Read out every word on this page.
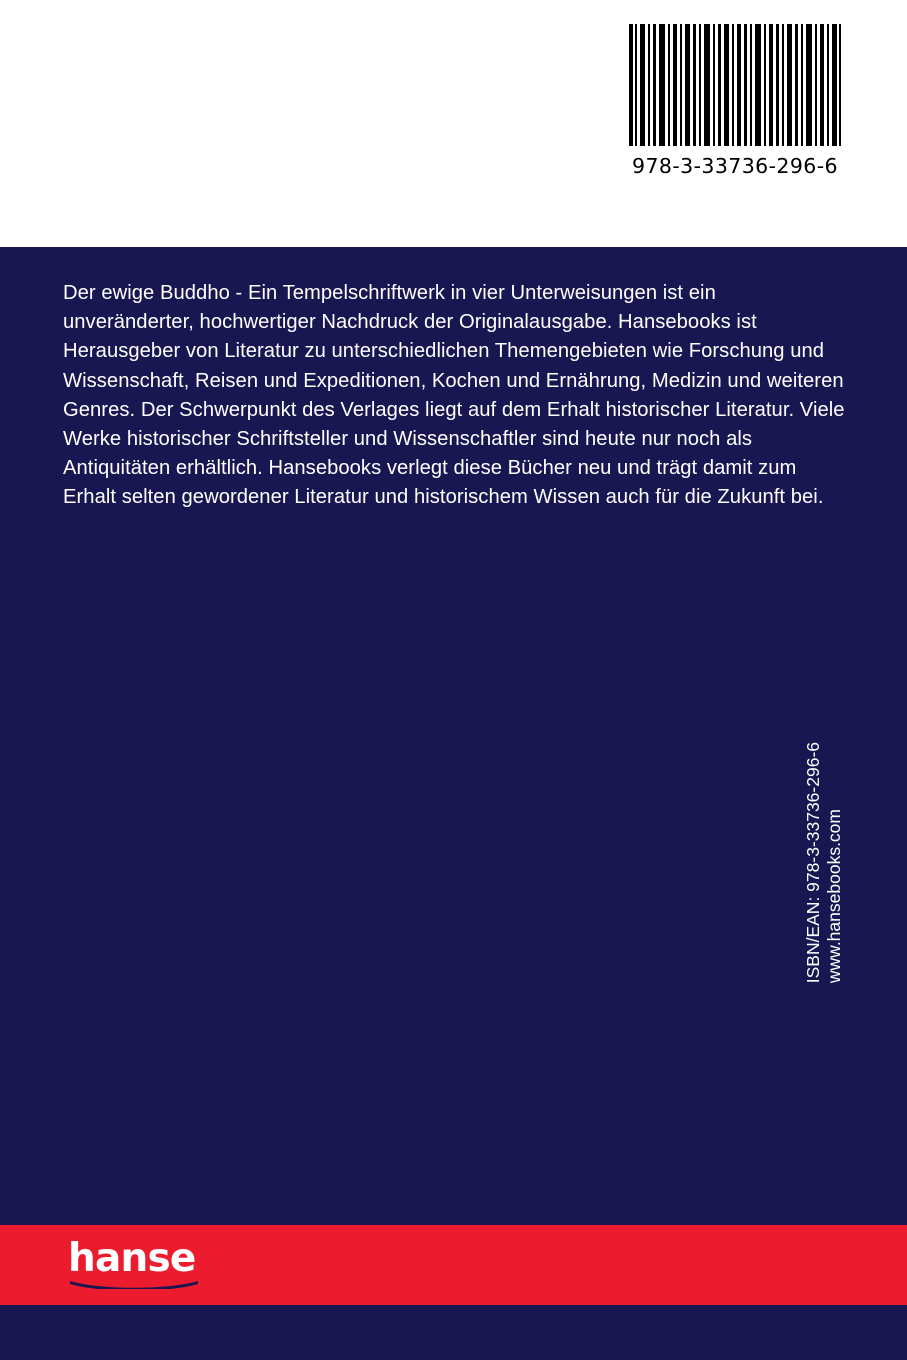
978-3-33736-296-6
Der ewige Buddho - Ein Tempelschriftwerk in vier Unterweisungen ist ein unveränderter, hochwertiger Nachdruck der Originalausgabe. Hansebooks ist Herausgeber von Literatur zu unterschiedlichen Themengebieten wie Forschung und Wissenschaft, Reisen und Expeditionen, Kochen und Ernährung, Medizin und weiteren Genres. Der Schwerpunkt des Verlages liegt auf dem Erhalt historischer Literatur. Viele Werke historischer Schriftsteller und Wissenschaftler sind heute nur noch als Antiquitäten erhältlich. Hansebooks verlegt diese Bücher neu und trägt damit zum Erhalt selten gewordener Literatur und historischem Wissen auch für die Zukunft bei.
ISBN/EAN: 978-3-33736-296-6 www.hansebooks.com
hanse
